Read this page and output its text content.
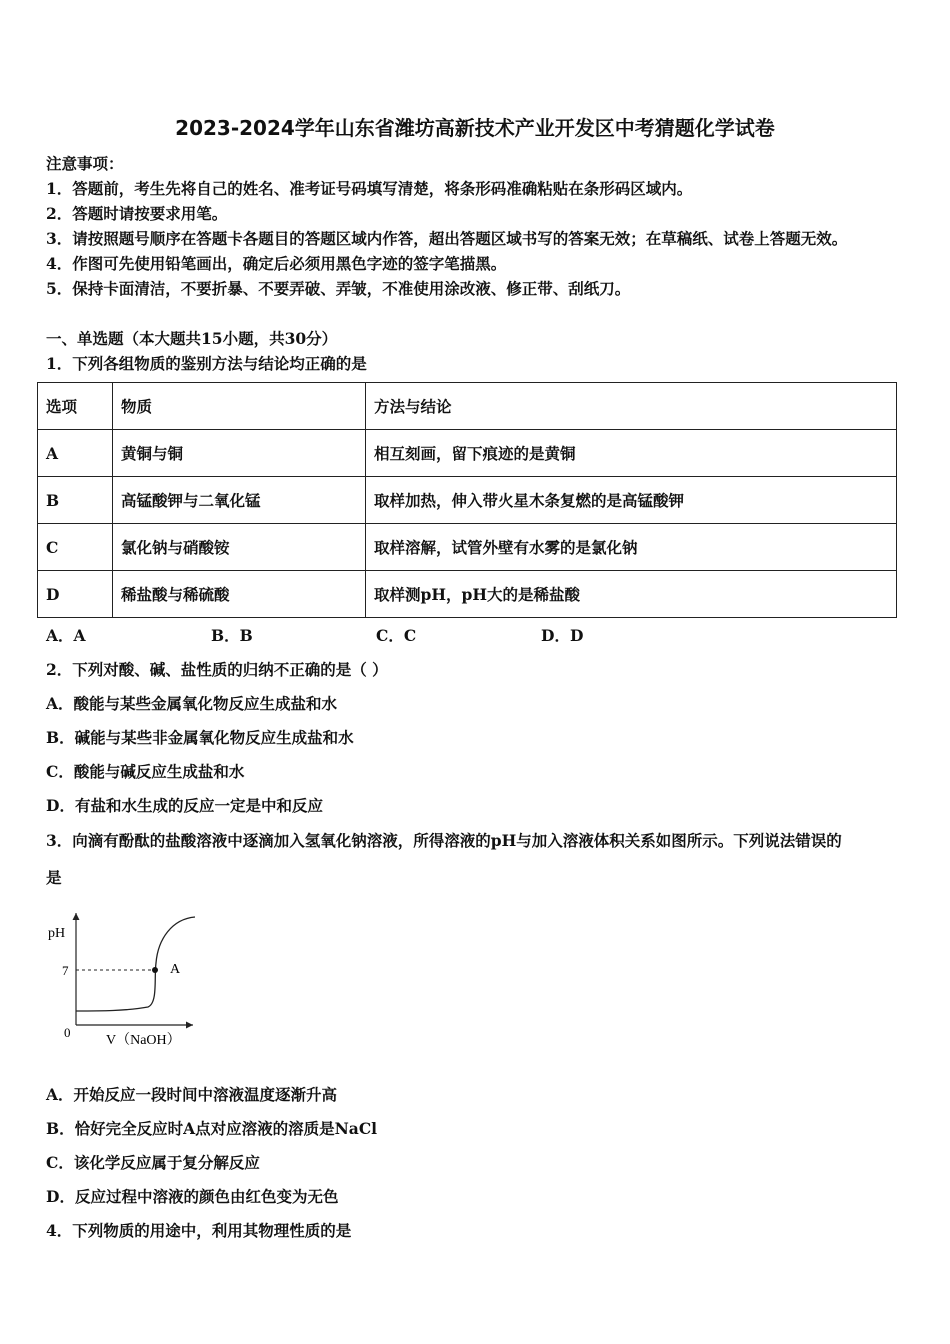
2023-2024学年山东省潍坊高新技术产业开发区中考猜题化学试卷
注意事项：
1．答题前，考生先将自己的姓名、准考证号码填写清楚，将条形码准确粘贴在条形码区域内。
2．答题时请按要求用笔。
3．请按照题号顺序在答题卡各题目的答题区域内作答，超出答题区域书写的答案无效；在草稿纸、试卷上答题无效。
4．作图可先使用铅笔画出，确定后必须用黑色字迹的签字笔描黑。
5．保持卡面清洁，不要折暴、不要弄破、弄皱，不准使用涂改液、修正带、刮纸刀。
一、单选题（本大题共15小题，共30分）
1．下列各组物质的鉴别方法与结论均正确的是
选项	物质	方法与结论
A	黄铜与铜	相互刻画，留下痕迹的是黄铜
B	高锰酸钾与二氧化锰	取样加热，伸入带火星木条复燃的是高锰酸钾
C	氯化钠与硝酸铵	取样溶解，试管外壁有水雾的是氯化钠
D	稀盐酸与稀硫酸	取样测pH，pH大的是稀盐酸
A．A	B．B	C．C	D．D
2．下列对酸、碱、盐性质的归纳不正确的是（ ）
A．酸能与某些金属氧化物反应生成盐和水
B．碱能与某些非金属氧化物反应生成盐和水
C．酸能与碱反应生成盐和水
D．有盐和水生成的反应一定是中和反应
3．向滴有酚酞的盐酸溶液中逐滴加入氢氧化钠溶液，所得溶液的pH与加入溶液体积关系如图所示。下列说法错误的
是
pH
7
0
A
V（NaOH）
A．开始反应一段时间中溶液温度逐渐升高
B．恰好完全反应时A点对应溶液的溶质是NaCl
C．该化学反应属于复分解反应
D．反应过程中溶液的颜色由红色变为无色
4．下列物质的用途中，利用其物理性质的是
